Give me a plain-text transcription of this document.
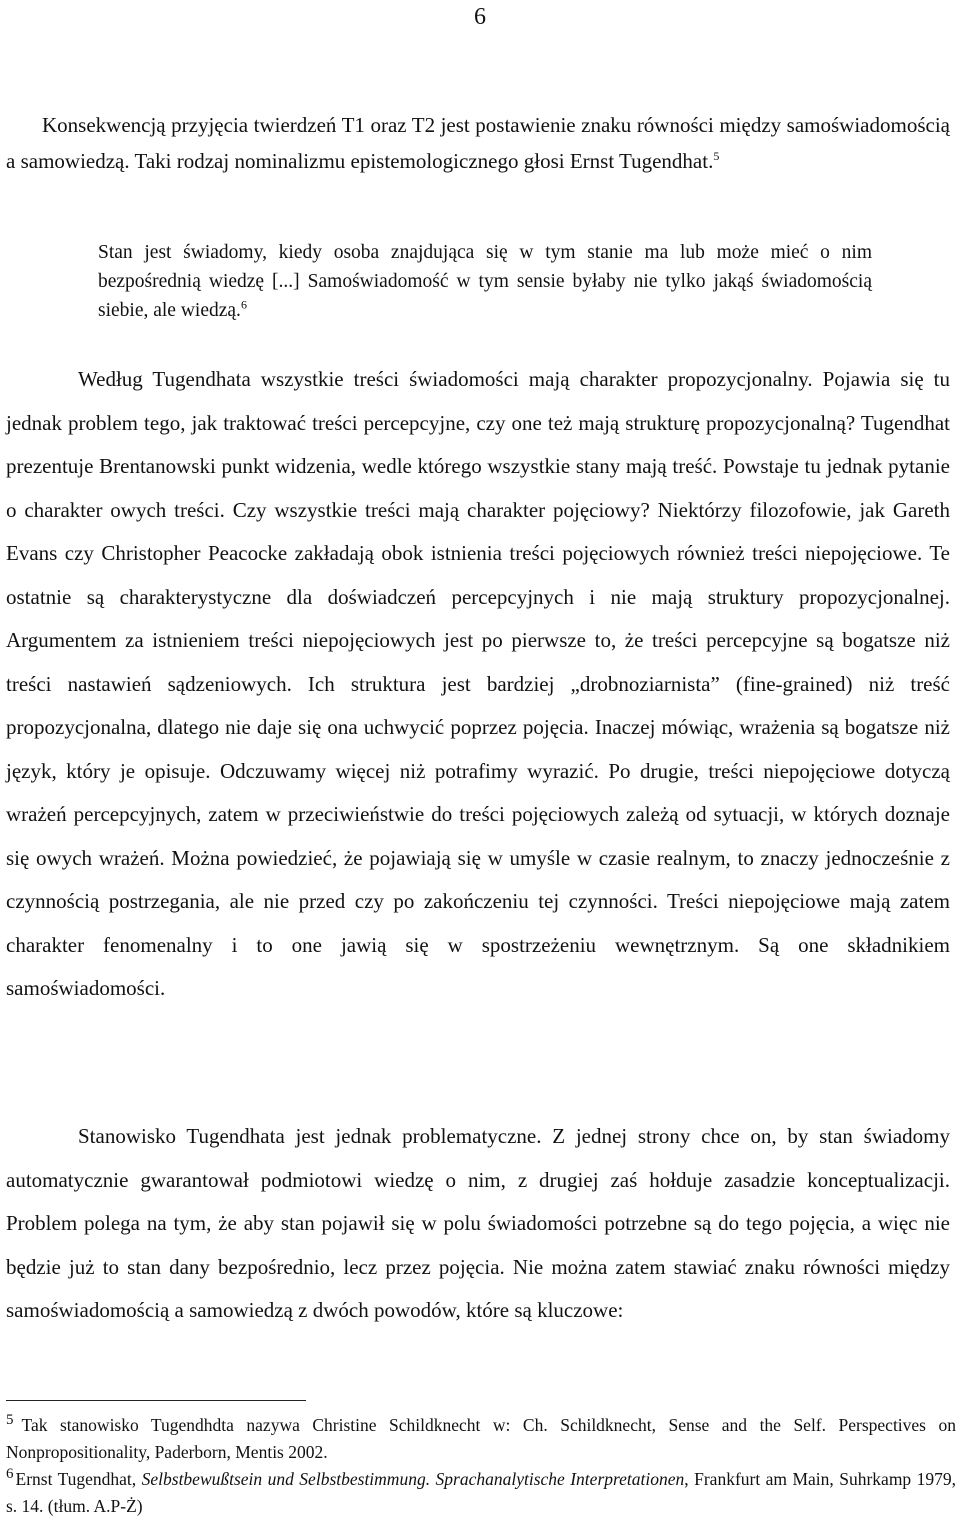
6
Konsekwencją przyjęcia twierdzeń T1 oraz T2 jest postawienie znaku równości między samoświadomością a samowiedzą. Taki rodzaj nominalizmu epistemologicznego głosi Ernst Tugendhat.$^5$
Stan jest świadomy, kiedy osoba znajdująca się w tym stanie ma lub może mieć o nim bezpośrednią wiedzę [...] Samoświadomość w tym sensie byłaby nie tylko jakąś świadomością siebie, ale wiedzą.$^6$
Według Tugendhata wszystkie treści świadomości mają charakter propozycjonalny. Pojawia się tu jednak problem tego, jak traktować treści percepcyjne, czy one też mają strukturę propozycjonalną? Tugendhat prezentuje Brentanowski punkt widzenia, wedle którego wszystkie stany mają treść. Powstaje tu jednak pytanie o charakter owych treści. Czy wszystkie treści mają charakter pojęciowy? Niektórzy filozofowie, jak Gareth Evans czy Christopher Peacocke zakładają obok istnienia treści pojęciowych również treści niepojęciowe. Te ostatnie są charakterystyczne dla doświadczeń percepcyjnych i nie mają struktury propozycjonalnej. Argumentem za istnieniem treści niepojęciowych jest po pierwsze to, że treści percepcyjne są bogatsze niż treści nastawień sądzeniowych. Ich struktura jest bardziej „drobnoziarnista” (fine-grained) niż treść propozycjonalna, dlatego nie daje się ona uchwycić poprzez pojęcia. Inaczej mówiąc, wrażenia są bogatsze niż język, który je opisuje. Odczuwamy więcej niż potrafimy wyrazić. Po drugie, treści niepojęciowe dotyczą wrażeń percepcyjnych, zatem w przeciwieństwie do treści pojęciowych zależą od sytuacji, w których doznaje się owych wrażeń. Można powiedzieć, że pojawiają się w umyśle w czasie realnym, to znaczy jednocześnie z czynnością postrzegania, ale nie przed czy po zakończeniu tej czynności. Treści niepojęciowe mają zatem charakter fenomenalny i to one jawią się w spostrzeżeniu wewnętrznym. Są one składnikiem samoświadomości.
Stanowisko Tugendhata jest jednak problematyczne. Z jednej strony chce on, by stan świadomy automatycznie gwarantował podmiotowi wiedzę o nim, z drugiej zaś hołduje zasadzie konceptualizacji. Problem polega na tym, że aby stan pojawił się w polu świadomości potrzebne są do tego pojęcia, a więc nie będzie już to stan dany bezpośrednio, lecz przez pojęcia. Nie można zatem stawiać znaku równości między samoświadomością a samowiedzą z dwóch powodów, które są kluczowe:
5 Tak stanowisko Tugendhdta nazywa Christine Schildknecht w: Ch. Schildknecht, Sense and the Self. Perspectives on Nonpropositionality, Paderborn, Mentis 2002.
6 Ernst Tugendhat, Selbstbewußtsein und Selbstbestimmung. Sprachanalytische Interpretationen, Frankfurt am Main, Suhrkamp 1979, s. 14. (tłum. A.P-Ż)
